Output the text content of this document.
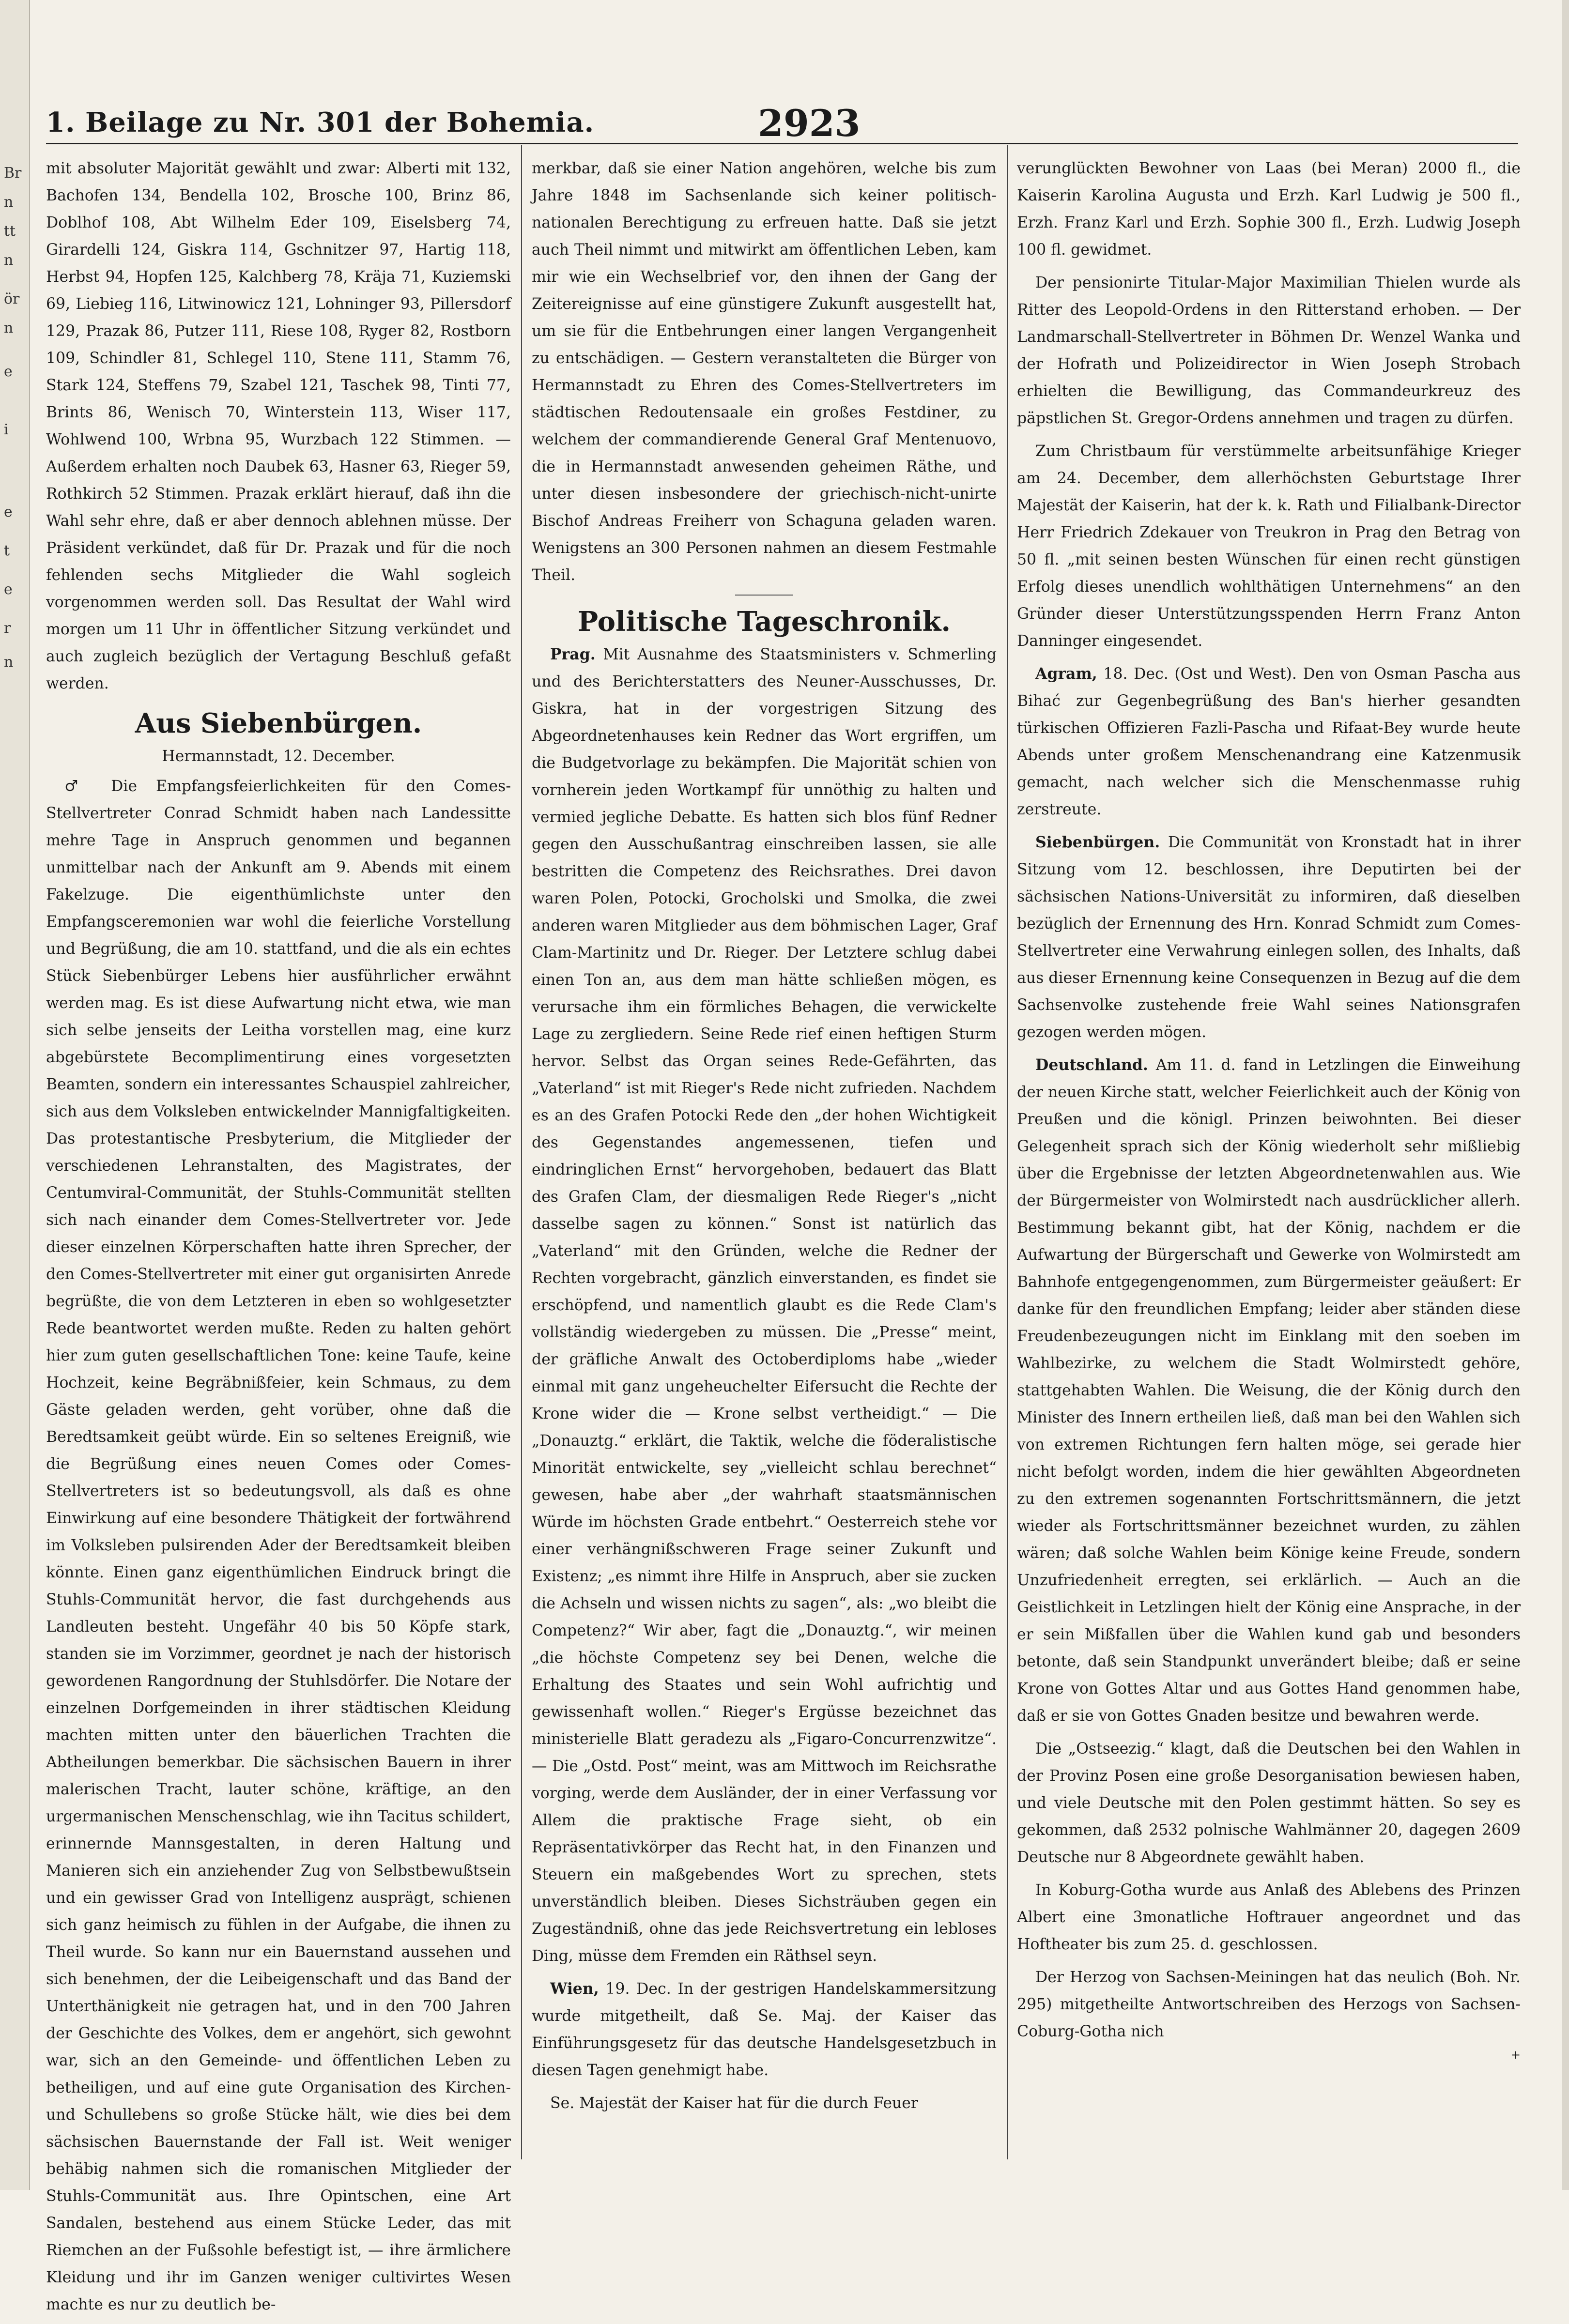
Br
n
tt
n
ör
n
e
i
e
t
e
r
n
1. Beilage zu Nr. 301 der Bohemia.	2923

mit absoluter Majorität gewählt und zwar: Alberti mit 132, Bachofen 134, Bendella 102, Brosche 100, Brinz 86, Doblhof 108, Abt Wilhelm Eder 109, Eiselsberg 74, Girardelli 124, Giskra 114, Gschnitzer 97, Hartig 118, Herbst 94, Hopfen 125, Kalchberg 78, Kräja 71, Kuziemski 69, Liebieg 116, Litwinowicz 121, Lohninger 93, Pillersdorf 129, Prazak 86, Putzer 111, Riese 108, Ryger 82, Rostborn 109, Schindler 81, Schlegel 110, Stene 111, Stamm 76, Stark 124, Steffens 79, Szabel 121, Taschek 98, Tinti 77, Brints 86, Wenisch 70, Winterstein 113, Wiser 117, Wohlwend 100, Wrbna 95, Wurzbach 122 Stimmen. — Außerdem erhalten noch Daubek 63, Hasner 63, Rieger 59, Rothkirch 52 Stimmen. Prazak erklärt hierauf, daß ihn die Wahl sehr ehre, daß er aber dennoch ablehnen müsse. Der Präsident verkündet, daß für Dr. Prazak und für die noch fehlenden sechs Mitglieder die Wahl sogleich vorgenommen werden soll. Das Resultat der Wahl wird morgen um 11 Uhr in öffentlicher Sitzung verkündet und auch zugleich bezüglich der Vertagung Beschluß gefaßt werden.

Aus Siebenbürgen.
Hermannstadt, 12. December.

♂ Die Empfangsfeierlichkeiten für den Comes-Stellvertreter Conrad Schmidt haben nach Landessitte mehre Tage in Anspruch genommen und begannen unmittelbar nach der Ankunft am 9. Abends mit einem Fakelzuge. Die eigenthümlichste unter den Empfangsceremonien war wohl die feierliche Vorstellung und Begrüßung, die am 10. stattfand, und die als ein echtes Stück Siebenbürger Lebens hier ausführlicher erwähnt werden mag. Es ist diese Aufwartung nicht etwa, wie man sich selbe jenseits der Leitha vorstellen mag, eine kurz abgebürstete Becomplimentirung eines vorgesetzten Beamten, sondern ein interessantes Schauspiel zahlreicher, sich aus dem Volksleben entwickelnder Mannigfaltigkeiten. Das protestantische Presbyterium, die Mitglieder der verschiedenen Lehranstalten, des Magistrates, der Centumviral-Communität, der Stuhls-Communität stellten sich nach einander dem Comes-Stellvertreter vor. Jede dieser einzelnen Körperschaften hatte ihren Sprecher, der den Comes-Stellvertreter mit einer gut organisirten Anrede begrüßte, die von dem Letzteren in eben so wohlgesetzter Rede beantwortet werden mußte. Reden zu halten gehört hier zum guten gesellschaftlichen Tone: keine Taufe, keine Hochzeit, keine Begräbnißfeier, kein Schmaus, zu dem Gäste geladen werden, geht vorüber, ohne daß die Beredtsamkeit geübt würde. Ein so seltenes Ereigniß, wie die Begrüßung eines neuen Comes oder Comes-Stellvertreters ist so bedeutungsvoll, als daß es ohne Einwirkung auf eine besondere Thätigkeit der fortwährend im Volksleben pulsirenden Ader der Beredtsamkeit bleiben könnte. Einen ganz eigenthümlichen Eindruck bringt die Stuhls-Communität hervor, die fast durchgehends aus Landleuten besteht. Ungefähr 40 bis 50 Köpfe stark, standen sie im Vorzimmer, geordnet je nach der historisch gewordenen Rangordnung der Stuhlsdörfer. Die Notare der einzelnen Dorfgemeinden in ihrer städtischen Kleidung machten mitten unter den bäuerlichen Trachten die Abtheilungen bemerkbar. Die sächsischen Bauern in ihrer malerischen Tracht, lauter schöne, kräftige, an den urgermanischen Menschenschlag, wie ihn Tacitus schildert, erinnernde Mannsgestalten, in deren Haltung und Manieren sich ein anziehender Zug von Selbstbewußtsein und ein gewisser Grad von Intelligenz ausprägt, schienen sich ganz heimisch zu fühlen in der Aufgabe, die ihnen zu Theil wurde. So kann nur ein Bauernstand aussehen und sich benehmen, der die Leibeigenschaft und das Band der Unterthänigkeit nie getragen hat, und in den 700 Jahren der Geschichte des Volkes, dem er angehört, sich gewohnt war, sich an den Gemeinde- und öffentlichen Leben zu betheiligen, und auf eine gute Organisation des Kirchen- und Schullebens so große Stücke hält, wie dies bei dem sächsischen Bauernstande der Fall ist. Weit weniger behäbig nahmen sich die romanischen Mitglieder der Stuhls-Communität aus. Ihre Opintschen, eine Art Sandalen, bestehend aus einem Stücke Leder, das mit Riemchen an der Fußsohle befestigt ist, — ihre ärmlichere Kleidung und ihr im Ganzen weniger cultivirtes Wesen machte es nur zu deutlich be-

merkbar, daß sie einer Nation angehören, welche bis zum Jahre 1848 im Sachsenlande sich keiner politisch-nationalen Berechtigung zu erfreuen hatte. Daß sie jetzt auch Theil nimmt und mitwirkt am öffentlichen Leben, kam mir wie ein Wechselbrief vor, den ihnen der Gang der Zeitereignisse auf eine günstigere Zukunft ausgestellt hat, um sie für die Entbehrungen einer langen Vergangenheit zu entschädigen. — Gestern veranstalteten die Bürger von Hermannstadt zu Ehren des Comes-Stellvertreters im städtischen Redoutensaale ein großes Festdiner, zu welchem der commandierende General Graf Mentenuovo, die in Hermannstadt anwesenden geheimen Räthe, und unter diesen insbesondere der griechisch-nicht-unirte Bischof Andreas Freiherr von Schaguna geladen waren. Wenigstens an 300 Personen nahmen an diesem Festmahle Theil.

Politische Tageschronik.

Prag. Mit Ausnahme des Staatsministers v. Schmerling und des Berichterstatters des Neuner-Ausschusses, Dr. Giskra, hat in der vorgestrigen Sitzung des Abgeordnetenhauses kein Redner das Wort ergriffen, um die Budgetvorlage zu bekämpfen. Die Majorität schien von vornherein jeden Wortkampf für unnöthig zu halten und vermied jegliche Debatte. Es hatten sich blos fünf Redner gegen den Ausschußantrag einschreiben lassen, sie alle bestritten die Competenz des Reichsrathes. Drei davon waren Polen, Potocki, Grocholski und Smolka, die zwei anderen waren Mitglieder aus dem böhmischen Lager, Graf Clam-Martinitz und Dr. Rieger. Der Letztere schlug dabei einen Ton an, aus dem man hätte schließen mögen, es verursache ihm ein förmliches Behagen, die verwickelte Lage zu zergliedern. Seine Rede rief einen heftigen Sturm hervor. Selbst das Organ seines Rede-Gefährten, das „Vaterland“ ist mit Rieger's Rede nicht zufrieden. Nachdem es an des Grafen Potocki Rede den „der hohen Wichtigkeit des Gegenstandes angemessenen, tiefen und eindringlichen Ernst“ hervorgehoben, bedauert das Blatt des Grafen Clam, der diesmaligen Rede Rieger's „nicht dasselbe sagen zu können.“ Sonst ist natürlich das „Vaterland“ mit den Gründen, welche die Redner der Rechten vorgebracht, gänzlich einverstanden, es findet sie erschöpfend, und namentlich glaubt es die Rede Clam's vollständig wiedergeben zu müssen. Die „Presse“ meint, der gräfliche Anwalt des Octoberdiploms habe „wieder einmal mit ganz ungeheuchelter Eifersucht die Rechte der Krone wider die — Krone selbst vertheidigt.“ — Die „Donauztg.“ erklärt, die Taktik, welche die föderalistische Minorität entwickelte, sey „vielleicht schlau berechnet“ gewesen, habe aber „der wahrhaft staatsmännischen Würde im höchsten Grade entbehrt.“ Oesterreich stehe vor einer verhängnißschweren Frage seiner Zukunft und Existenz; „es nimmt ihre Hilfe in Anspruch, aber sie zucken die Achseln und wissen nichts zu sagen“, als: „wo bleibt die Competenz?“ Wir aber, fagt die „Donauztg.“, wir meinen „die höchste Competenz sey bei Denen, welche die Erhaltung des Staates und sein Wohl aufrichtig und gewissenhaft wollen.“ Rieger's Ergüsse bezeichnet das ministerielle Blatt geradezu als „Figaro-Concurrenzwitze“. — Die „Ostd. Post“ meint, was am Mittwoch im Reichsrathe vorging, werde dem Ausländer, der in einer Verfassung vor Allem die praktische Frage sieht, ob ein Repräsentativkörper das Recht hat, in den Finanzen und Steuern ein maßgebendes Wort zu sprechen, stets unverständlich bleiben. Dieses Sichsträuben gegen ein Zugeständniß, ohne das jede Reichsvertretung ein lebloses Ding, müsse dem Fremden ein Räthsel seyn.

Wien, 19. Dec. In der gestrigen Handelskammersitzung wurde mitgetheilt, daß Se. Maj. der Kaiser das Einführungsgesetz für das deutsche Handelsgesetzbuch in diesen Tagen genehmigt habe.

Se. Majestät der Kaiser hat für die durch Feuer

verunglückten Bewohner von Laas (bei Meran) 2000 fl., die Kaiserin Karolina Augusta und Erzh. Karl Ludwig je 500 fl., Erzh. Franz Karl und Erzh. Sophie 300 fl., Erzh. Ludwig Joseph 100 fl. gewidmet.

Der pensionirte Titular-Major Maximilian Thielen wurde als Ritter des Leopold-Ordens in den Ritterstand erhoben. — Der Landmarschall-Stellvertreter in Böhmen Dr. Wenzel Wanka und der Hofrath und Polizeidirector in Wien Joseph Strobach erhielten die Bewilligung, das Commandeurkreuz des päpstlichen St. Gregor-Ordens annehmen und tragen zu dürfen.

Zum Christbaum für verstümmelte arbeitsunfähige Krieger am 24. December, dem allerhöchsten Geburtstage Ihrer Majestät der Kaiserin, hat der k. k. Rath und Filialbank-Director Herr Friedrich Zdekauer von Treukron in Prag den Betrag von 50 fl. „mit seinen besten Wünschen für einen recht günstigen Erfolg dieses unendlich wohlthätigen Unternehmens“ an den Gründer dieser Unterstützungsspenden Herrn Franz Anton Danninger eingesendet.

Agram, 18. Dec. (Ost und West). Den von Osman Pascha aus Bihać zur Gegenbegrüßung des Ban's hierher gesandten türkischen Offizieren Fazli-Pascha und Rifaat-Bey wurde heute Abends unter großem Menschenandrang eine Katzenmusik gemacht, nach welcher sich die Menschenmasse ruhig zerstreute.

Siebenbürgen. Die Communität von Kronstadt hat in ihrer Sitzung vom 12. beschlossen, ihre Deputirten bei der sächsischen Nations-Universität zu informiren, daß dieselben bezüglich der Ernennung des Hrn. Konrad Schmidt zum Comes-Stellvertreter eine Verwahrung einlegen sollen, des Inhalts, daß aus dieser Ernennung keine Consequenzen in Bezug auf die dem Sachsenvolke zustehende freie Wahl seines Nationsgrafen gezogen werden mögen.

Deutschland. Am 11. d. fand in Letzlingen die Einweihung der neuen Kirche statt, welcher Feierlichkeit auch der König von Preußen und die königl. Prinzen beiwohnten. Bei dieser Gelegenheit sprach sich der König wiederholt sehr mißliebig über die Ergebnisse der letzten Abgeordnetenwahlen aus. Wie der Bürgermeister von Wolmirstedt nach ausdrücklicher allerh. Bestimmung bekannt gibt, hat der König, nachdem er die Aufwartung der Bürgerschaft und Gewerke von Wolmirstedt am Bahnhofe entgegengenommen, zum Bürgermeister geäußert: Er danke für den freundlichen Empfang; leider aber ständen diese Freudenbezeugungen nicht im Einklang mit den soeben im Wahlbezirke, zu welchem die Stadt Wolmirstedt gehöre, stattgehabten Wahlen. Die Weisung, die der König durch den Minister des Innern ertheilen ließ, daß man bei den Wahlen sich von extremen Richtungen fern halten möge, sei gerade hier nicht befolgt worden, indem die hier gewählten Abgeordneten zu den extremen sogenannten Fortschrittsmännern, die jetzt wieder als Fortschrittsmänner bezeichnet wurden, zu zählen wären; daß solche Wahlen beim Könige keine Freude, sondern Unzufriedenheit erregten, sei erklärlich. — Auch an die Geistlichkeit in Letzlingen hielt der König eine Ansprache, in der er sein Mißfallen über die Wahlen kund gab und besonders betonte, daß sein Standpunkt unverändert bleibe; daß er seine Krone von Gottes Altar und aus Gottes Hand genommen habe, daß er sie von Gottes Gnaden besitze und bewahren werde.

Die „Ostseezig.“ klagt, daß die Deutschen bei den Wahlen in der Provinz Posen eine große Desorganisation bewiesen haben, und viele Deutsche mit den Polen gestimmt hätten. So sey es gekommen, daß 2532 polnische Wahlmänner 20, dagegen 2609 Deutsche nur 8 Abgeordnete gewählt haben.

In Koburg-Gotha wurde aus Anlaß des Ablebens des Prinzen Albert eine 3monatliche Hoftrauer angeordnet und das Hoftheater bis zum 25. d. geschlossen.

Der Herzog von Sachsen-Meiningen hat das neulich (Boh. Nr. 295) mitgetheilte Antwortschreiben des Herzogs von Sachsen-Coburg-Gotha nich

+
